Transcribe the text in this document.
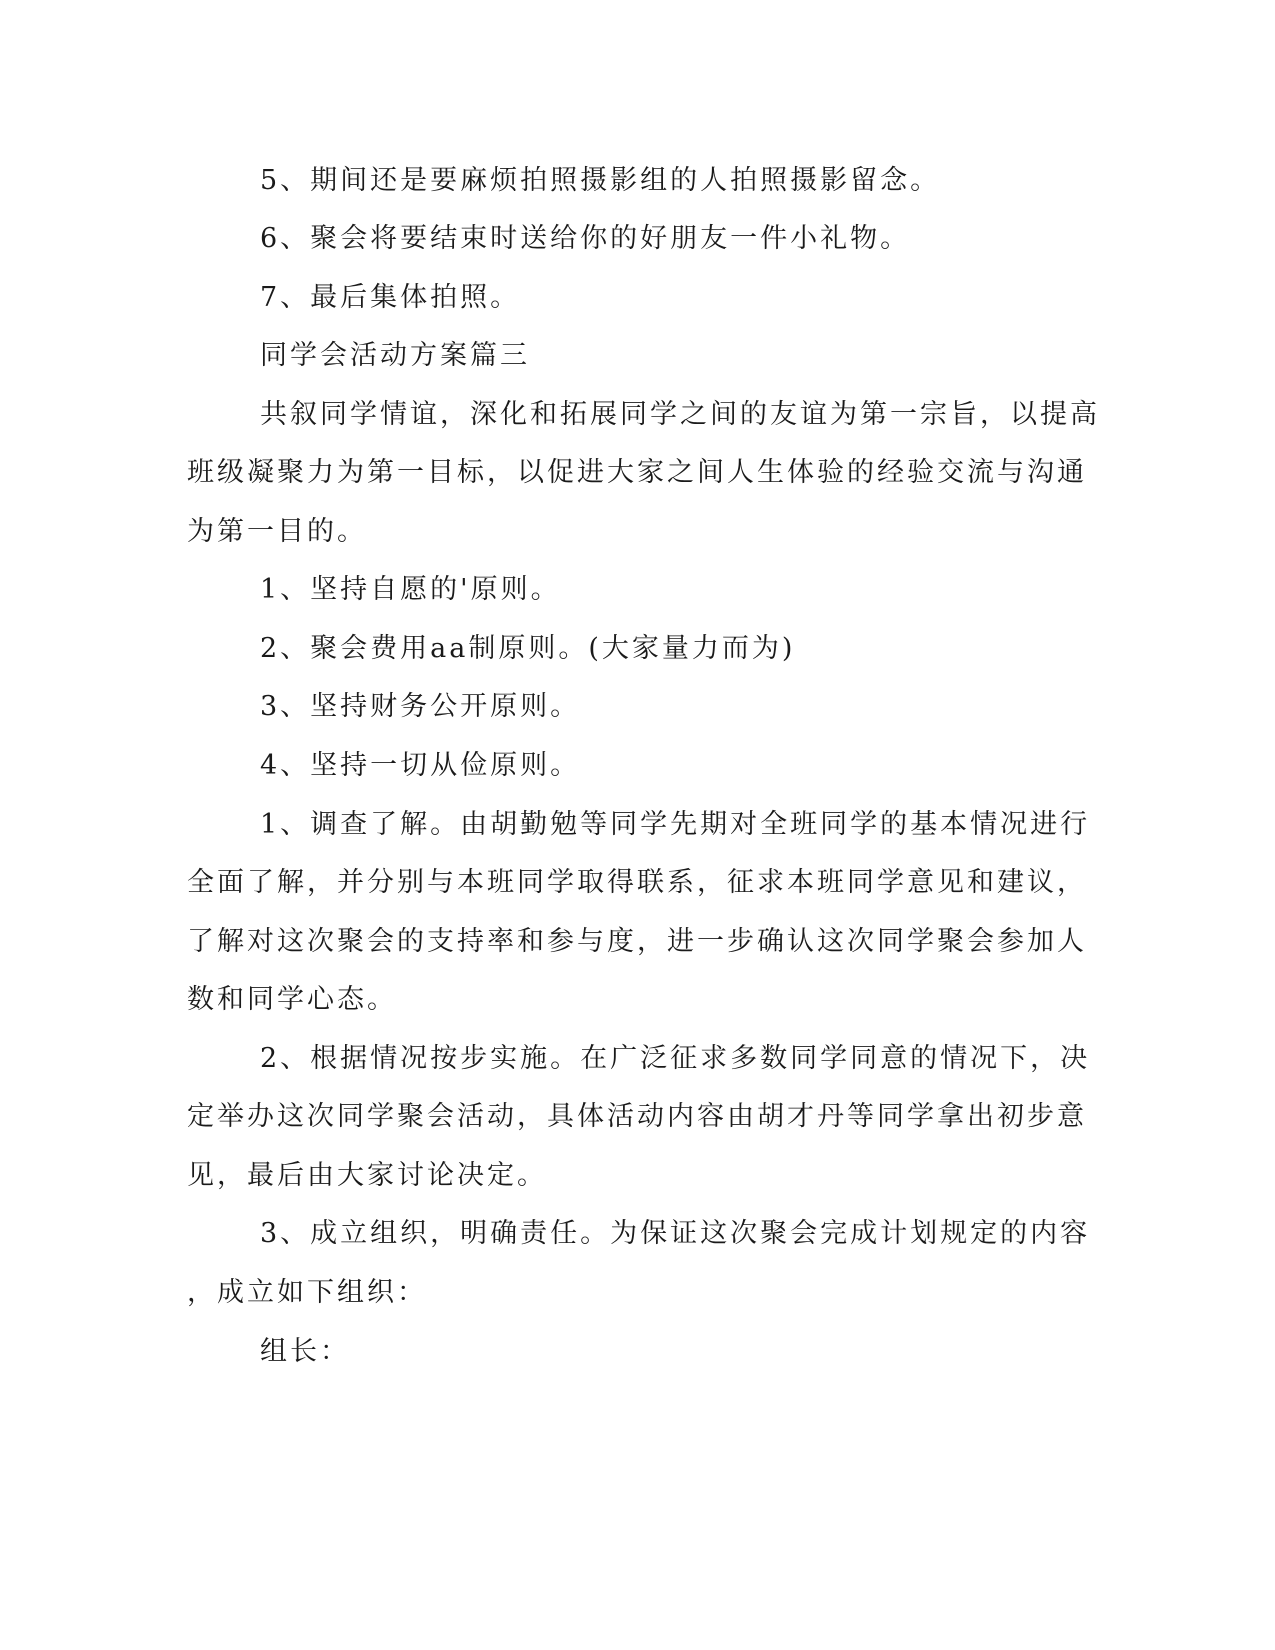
5、期间还是要麻烦拍照摄影组的人拍照摄影留念。
6、聚会将要结束时送给你的好朋友一件小礼物。
7、最后集体拍照。
同学会活动方案篇三
共叙同学情谊，深化和拓展同学之间的友谊为第一宗旨，以提高
班级凝聚力为第一目标，以促进大家之间人生体验的经验交流与沟通
为第一目的。
1、坚持自愿的'原则。
2、聚会费用aa制原则。(大家量力而为)
3、坚持财务公开原则。
4、坚持一切从俭原则。
1、调查了解。由胡勤勉等同学先期对全班同学的基本情况进行
全面了解，并分别与本班同学取得联系，征求本班同学意见和建议，
了解对这次聚会的支持率和参与度，进一步确认这次同学聚会参加人
数和同学心态。
2、根据情况按步实施。在广泛征求多数同学同意的情况下，决
定举办这次同学聚会活动，具体活动内容由胡才丹等同学拿出初步意
见，最后由大家讨论决定。
3、成立组织，明确责任。为保证这次聚会完成计划规定的内容
，成立如下组织：
组长：
